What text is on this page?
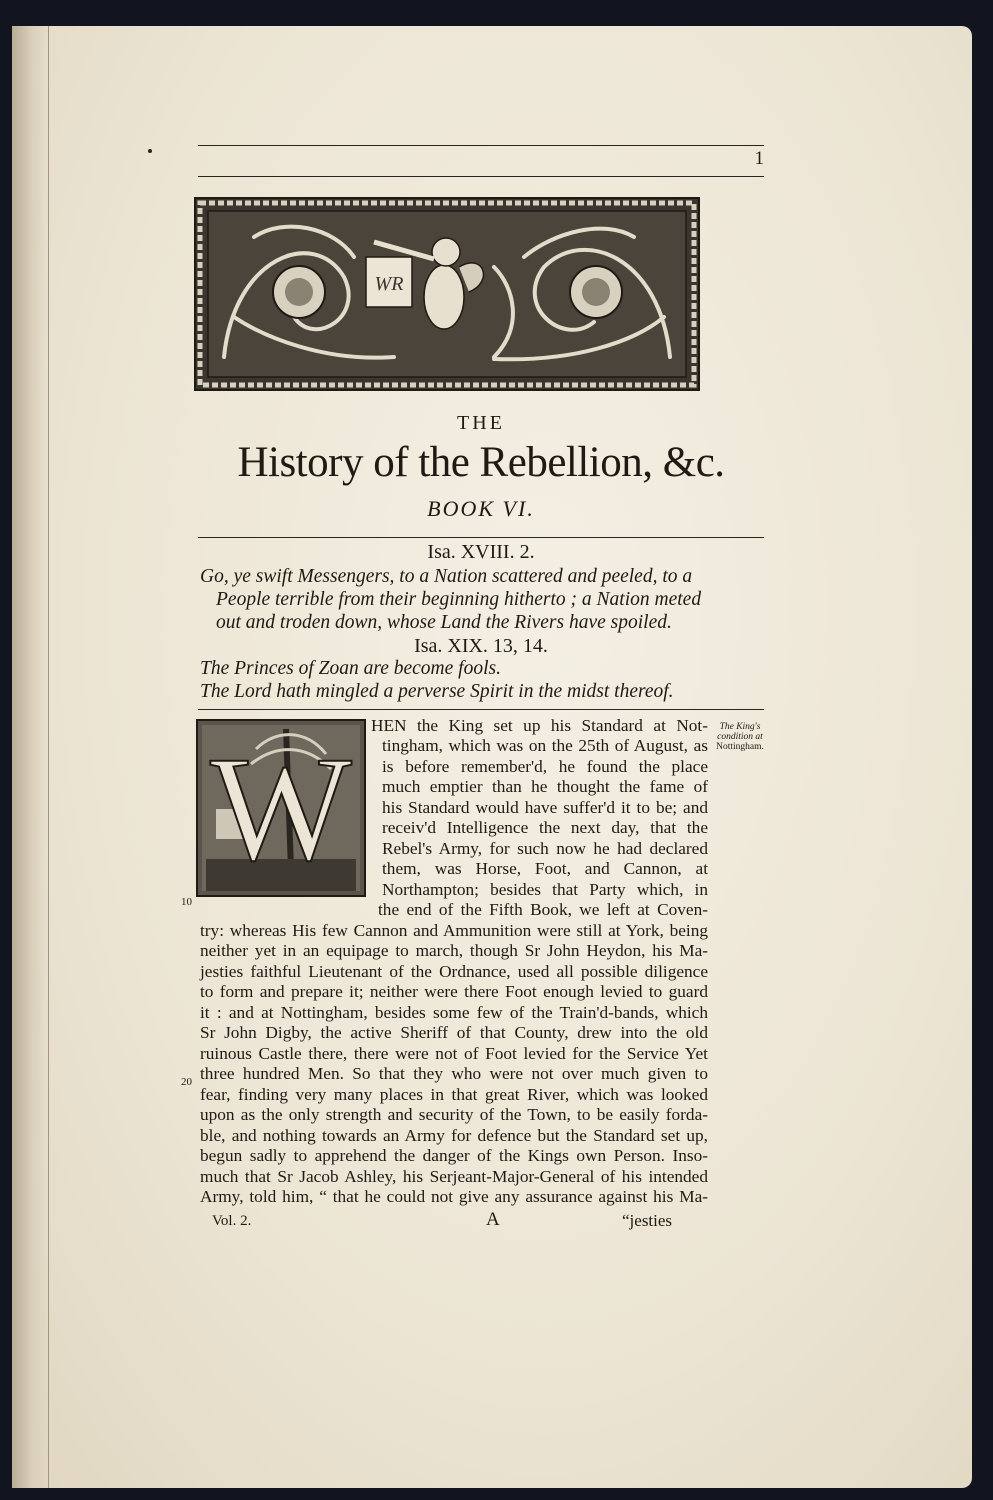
1
WR
THE
History of the Rebellion, &c.
BOOK VI.
Isa. XVIII. 2.
Go, ye swift Messengers, to a Nation scattered and peeled, to a
People terrible from their beginning hitherto ; a Nation meted
out and troden down, whose Land the Rivers have spoiled.
Isa. XIX. 13, 14.
The Princes of Zoan are become fools.
The Lord hath mingled a perverse Spirit in the midst thereof.
W	The King's
condition at
Nottingham.
HEN the King set up his Standard at Not-
tingham, which was on the 25th of August, as
is before remember'd, he found the place
much emptier than he thought the fame of
his Standard would have suffer'd it to be; and
receiv'd Intelligence the next day, that the
Rebel's Army, for such now he had declared
them, was Horse, Foot, and Cannon, at
Northampton; besides that Party which, in
the end of the Fifth Book, we left at Coven-
try: whereas His few Cannon and Ammunition were still at York, being
neither yet in an equipage to march, though Sr John Heydon, his Ma-
jesties faithful Lieutenant of the Ordnance, used all possible diligence
to form and prepare it; neither were there Foot enough levied to guard
it : and at Nottingham, besides some few of the Train'd-bands, which
Sr John Digby, the active Sheriff of that County, drew into the old
ruinous Castle there, there were not of Foot levied for the Service Yet
three hundred Men. So that they who were not over much given to
fear, finding very many places in that great River, which was looked
upon as the only strength and security of the Town, to be easily forda-
ble, and nothing towards an Army for defence but the Standard set up,
begun sadly to apprehend the danger of the Kings own Person. Inso-
much that Sr Jacob Ashley, his Serjeant-Major-General of his intended
Army, told him, “ that he could not give any assurance against his Ma-
10
20
Vol. 2.	A	“jesties
